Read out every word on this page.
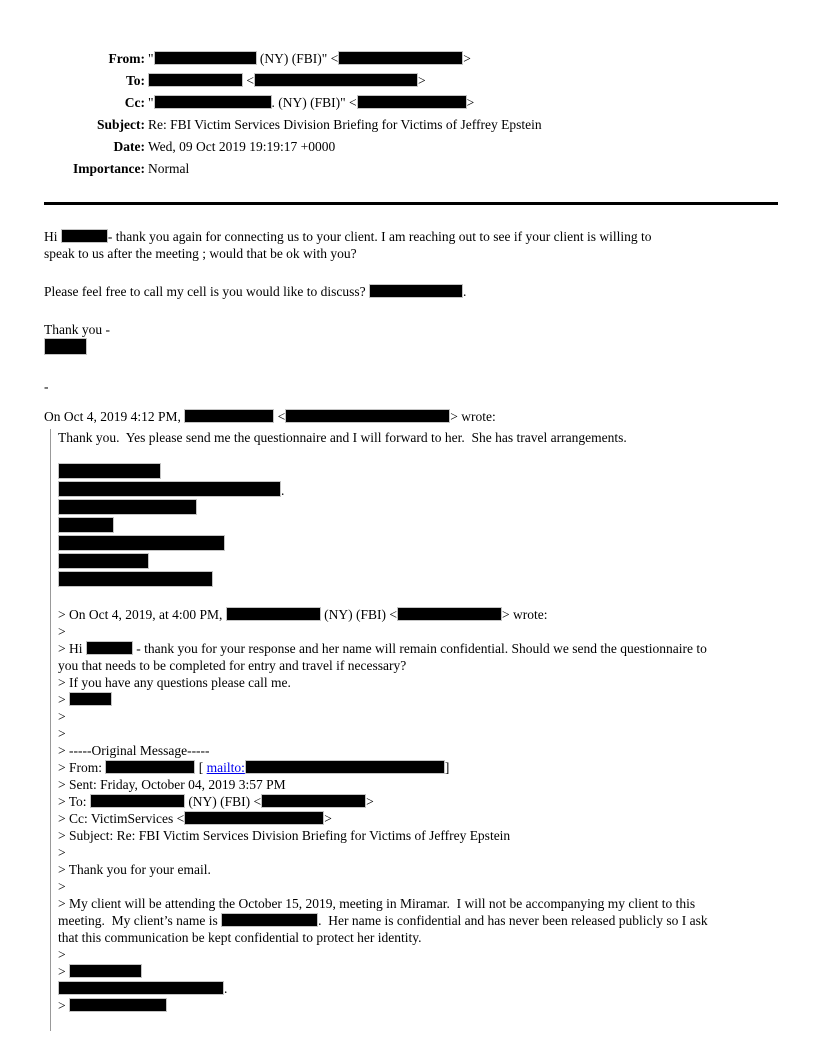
From: "	(NY) (FBI)" <	>
To:	<	>
Cc: "	. (NY) (FBI)" <	>
Subject: Re: FBI Victim Services Division Briefing for Victims of Jeffrey Epstein
Date: Wed, 09 Oct 2019 19:19:17 +0000
Importance: Normal
Hi	- thank you again for connecting us to your client. I am reaching out to see if your client is willing to
speak to us after the meeting ; would that be ok with you?
Please feel free to call my cell is you would like to discuss?	.
Thank you -
-
On Oct 4, 2019 4:12 PM,	<	> wrote:
Thank you.  Yes please send me the questionnaire and I will forward to her.  She has travel arrangements.
.
> On Oct 4, 2019, at 4:00 PM,	(NY) (FBI) <	> wrote:
>
> Hi	- thank you for your response and her name will remain confidential. Should we send the questionnaire to
you that needs to be completed for entry and travel if necessary?
> If you have any questions please call me.
>
>
>
> -----Original Message-----
> From:	[ mailto:	]
> Sent: Friday, October 04, 2019 3:57 PM
> To:	(NY) (FBI) <	>
> Cc: VictimServices <	>
> Subject: Re: FBI Victim Services Division Briefing for Victims of Jeffrey Epstein
>
> Thank you for your email.
>
> My client will be attending the October 15, 2019, meeting in Miramar.  I will not be accompanying my client to this
meeting.  My client’s name is	.  Her name is confidential and has never been released publicly so I ask
that this communication be kept confidential to protect her identity.
>
>
.
>
